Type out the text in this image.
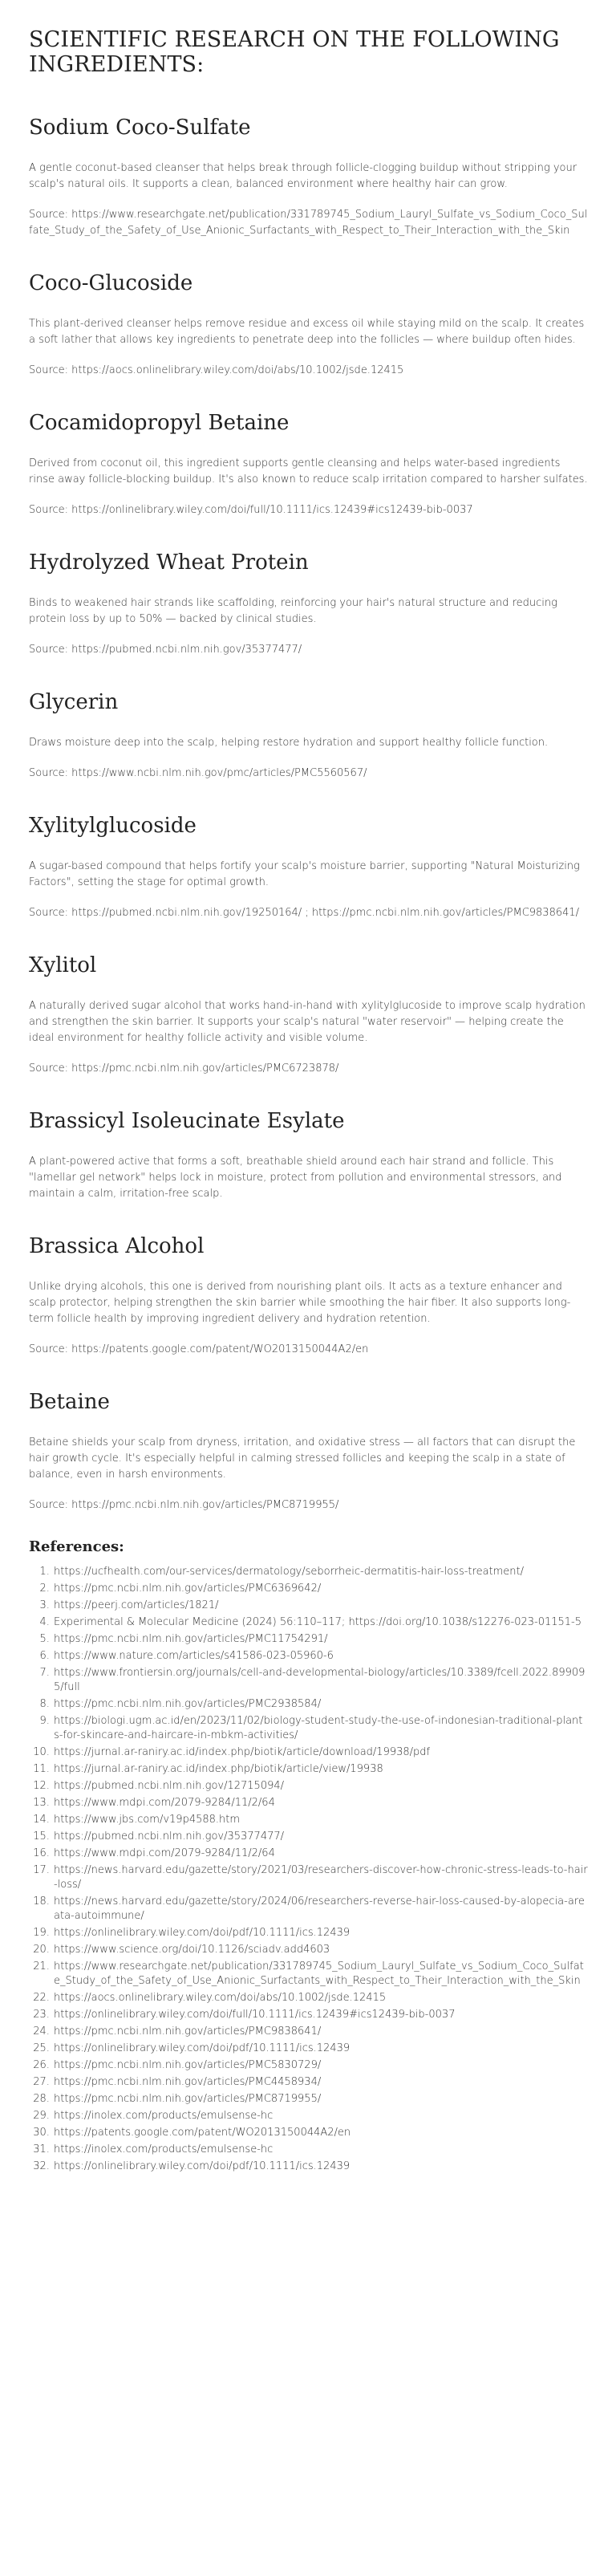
SCIENTIFIC RESEARCH ON THE FOLLOWING INGREDIENTS:
Sodium Coco-Sulfate

A gentle coconut-based cleanser that helps break through follicle-clogging buildup without stripping your scalp's natural oils. It supports a clean, balanced environment where healthy hair can grow.

Source: https://www.researchgate.net/publication/331789745_Sodium_Lauryl_Sulfate_vs_Sodium_Coco_Sulfate_Study_of_the_Safety_of_Use_Anionic_Surfactants_with_Respect_to_Their_Interaction_with_the_Skin

Coco-Glucoside

This plant-derived cleanser helps remove residue and excess oil while staying mild on the scalp. It creates a soft lather that allows key ingredients to penetrate deep into the follicles — where buildup often hides.

Source: https://aocs.onlinelibrary.wiley.com/doi/abs/10.1002/jsde.12415

Cocamidopropyl Betaine

Derived from coconut oil, this ingredient supports gentle cleansing and helps water-based ingredients rinse away follicle-blocking buildup. It's also known to reduce scalp irritation compared to harsher sulfates.

Source: https://onlinelibrary.wiley.com/doi/full/10.1111/ics.12439#ics12439-bib-0037

Hydrolyzed Wheat Protein

Binds to weakened hair strands like scaffolding, reinforcing your hair's natural structure and reducing protein loss by up to 50% — backed by clinical studies.

Source: https://pubmed.ncbi.nlm.nih.gov/35377477/

Glycerin

Draws moisture deep into the scalp, helping restore hydration and support healthy follicle function.

Source: https://www.ncbi.nlm.nih.gov/pmc/articles/PMC5560567/

Xylitylglucoside

A sugar-based compound that helps fortify your scalp's moisture barrier, supporting "Natural Moisturizing Factors", setting the stage for optimal growth.

Source: https://pubmed.ncbi.nlm.nih.gov/19250164/ ; https://pmc.ncbi.nlm.nih.gov/articles/PMC9838641/

Xylitol

A naturally derived sugar alcohol that works hand-in-hand with xylitylglucoside to improve scalp hydration and strengthen the skin barrier. It supports your scalp's natural "water reservoir" — helping create the ideal environment for healthy follicle activity and visible volume.

Source: https://pmc.ncbi.nlm.nih.gov/articles/PMC6723878/

Brassicyl Isoleucinate Esylate

A plant-powered active that forms a soft, breathable shield around each hair strand and follicle. This "lamellar gel network" helps lock in moisture, protect from pollution and environmental stressors, and maintain a calm, irritation-free scalp.

Brassica Alcohol

Unlike drying alcohols, this one is derived from nourishing plant oils. It acts as a texture enhancer and scalp protector, helping strengthen the skin barrier while smoothing the hair fiber. It also supports long-term follicle health by improving ingredient delivery and hydration retention.

Source: https://patents.google.com/patent/WO2013150044A2/en

Betaine

Betaine shields your scalp from dryness, irritation, and oxidative stress — all factors that can disrupt the hair growth cycle. It's especially helpful in calming stressed follicles and keeping the scalp in a state of balance, even in harsh environments.

Source: https://pmc.ncbi.nlm.nih.gov/articles/PMC8719955/

References:
1. https://ucfhealth.com/our-services/dermatology/seborrheic-dermatitis-hair-loss-treatment/
2. https://pmc.ncbi.nlm.nih.gov/articles/PMC6369642/
3. https://peerj.com/articles/1821/
4. Experimental & Molecular Medicine (2024) 56:110–117; https://doi.org/10.1038/s12276-023-01151-5
5. https://pmc.ncbi.nlm.nih.gov/articles/PMC11754291/
6. https://www.nature.com/articles/s41586-023-05960-6
7. https://www.frontiersin.org/journals/cell-and-developmental-biology/articles/10.3389/fcell.2022.899095/full
8. https://pmc.ncbi.nlm.nih.gov/articles/PMC2938584/
9. https://biologi.ugm.ac.id/en/2023/11/02/biology-student-study-the-use-of-indonesian-traditional-plants-for-skincare-and-haircare-in-mbkm-activities/
10. https://jurnal.ar-raniry.ac.id/index.php/biotik/article/download/19938/pdf
11. https://jurnal.ar-raniry.ac.id/index.php/biotik/article/view/19938
12. https://pubmed.ncbi.nlm.nih.gov/12715094/
13. https://www.mdpi.com/2079-9284/11/2/64
14. https://www.jbs.com/v19p4588.htm
15. https://pubmed.ncbi.nlm.nih.gov/35377477/
16. https://www.mdpi.com/2079-9284/11/2/64
17. https://news.harvard.edu/gazette/story/2021/03/researchers-discover-how-chronic-stress-leads-to-hair-loss/
18. https://news.harvard.edu/gazette/story/2024/06/researchers-reverse-hair-loss-caused-by-alopecia-areata-autoimmune/
19. https://onlinelibrary.wiley.com/doi/pdf/10.1111/ics.12439
20. https://www.science.org/doi/10.1126/sciadv.add4603
21. https://www.researchgate.net/publication/331789745_Sodium_Lauryl_Sulfate_vs_Sodium_Coco_Sulfate_Study_of_the_Safety_of_Use_Anionic_Surfactants_with_Respect_to_Their_Interaction_with_the_Skin
22. https://aocs.onlinelibrary.wiley.com/doi/abs/10.1002/jsde.12415
23. https://onlinelibrary.wiley.com/doi/full/10.1111/ics.12439#ics12439-bib-0037
24. https://pmc.ncbi.nlm.nih.gov/articles/PMC9838641/
25. https://onlinelibrary.wiley.com/doi/pdf/10.1111/ics.12439
26. https://pmc.ncbi.nlm.nih.gov/articles/PMC5830729/
27. https://pmc.ncbi.nlm.nih.gov/articles/PMC4458934/
28. https://pmc.ncbi.nlm.nih.gov/articles/PMC8719955/
29. https://inolex.com/products/emulsense-hc
30. https://patents.google.com/patent/WO2013150044A2/en
31. https://inolex.com/products/emulsense-hc
32. https://onlinelibrary.wiley.com/doi/pdf/10.1111/ics.12439
